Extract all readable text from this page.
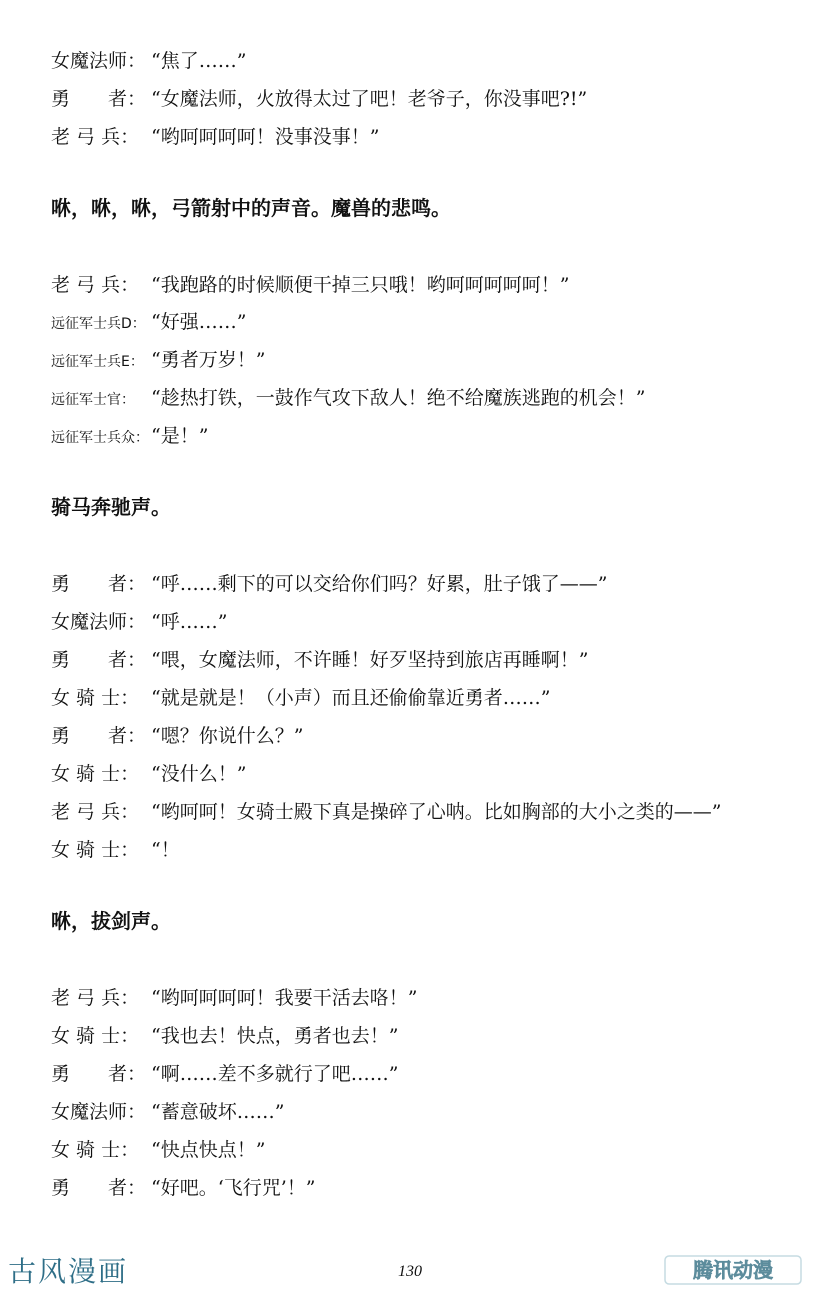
女魔法师： “焦了……”
勇　　者： “女魔法师，火放得太过了吧！老爷子，你没事吧?!”
老 弓 兵： “哟呵呵呵呵！没事没事！”
咻，咻，咻，弓箭射中的声音。魔兽的悲鸣。
老 弓 兵： “我跑路的时候顺便干掉三只哦！哟呵呵呵呵呵！”
远征军士兵D： “好强……”
远征军士兵E： “勇者万岁！”
远征军士官： “趁热打铁，一鼓作气攻下敌人！绝不给魔族逃跑的机会！”
远征军士兵众： “是！”
骑马奔驰声。
勇　　者： “呼……剩下的可以交给你们吗？好累，肚子饿了——”
女魔法师： “呼……”
勇　　者： “喂，女魔法师，不许睡！好歹坚持到旅店再睡啊！”
女 骑 士： “就是就是！（小声）而且还偷偷靠近勇者……”
勇　　者： “嗯？你说什么？”
女 骑 士： “没什么！”
老 弓 兵： “哟呵呵！女骑士殿下真是操碎了心呐。比如胸部的大小之类的——”
女 骑 士： “！
咻，拔剑声。
老 弓 兵： “哟呵呵呵呵！我要干活去咯！”
女 骑 士： “我也去！快点，勇者也去！”
勇　　者： “啊……差不多就行了吧……”
女魔法师： “蓄意破坏……”
女 骑 士： “快点快点！”
勇　　者： “好吧。‘飞行咒’！”
古风漫画	130	腾讯动漫
